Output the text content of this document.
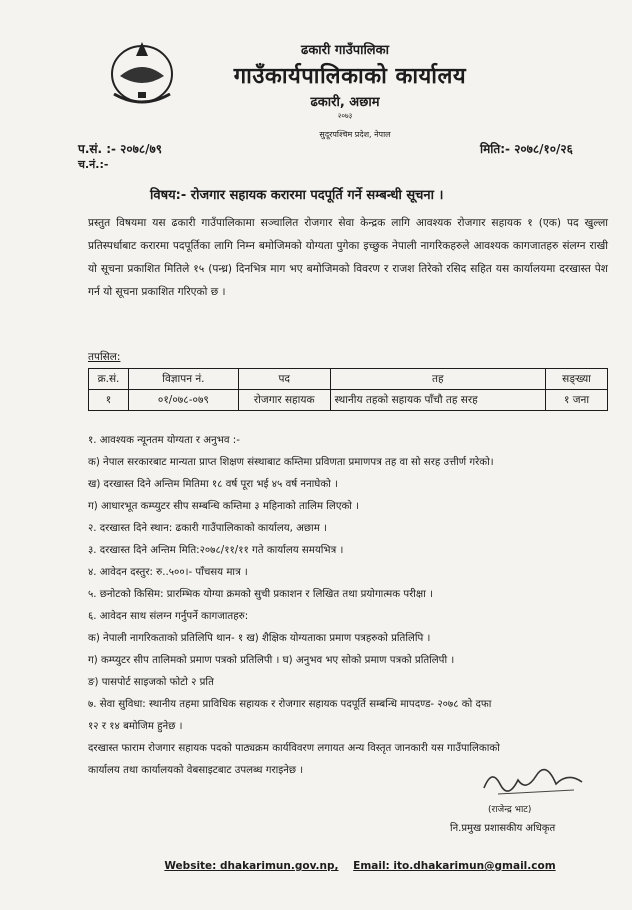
ढकारी गाउँपालिका
गाउँकार्यपालिकाको कार्यालय
ढकारी, अछाम
२०७३
सुदूरपश्चिम प्रदेश, नेपाल
प.सं. :- २०७८/७९
च.नं.:-
मिति:- २०७८/१०/२६
विषय:- रोजगार सहायक करारमा पदपूर्ति गर्ने सम्बन्धी सूचना ।
प्रस्तुत विषयमा यस ढकारी गाउँपालिकामा सञ्चालित रोजगार सेवा केन्द्रक लागि आवश्यक रोजगार सहायक १ (एक) पद खुल्ला प्रतिस्पर्धाबाट करारमा पदपूर्तिका लागि निम्न बमोजिमको योग्यता पुगेका इच्छुक नेपाली नागरिकहरुले आवश्यक कागजातहरु संलग्न राखी यो सूचना प्रकाशित मितिले १५ (पन्ध्र) दिनभित्र माग भए बमोजिमको विवरण र राजश तिरेको रसिद सहित यस कार्यालयमा दरखास्त पेश गर्न यो सूचना प्रकाशित गरिएको छ ।
तपसिल:
क्र.सं.	विज्ञापन नं.	पद	तह	सङ्ख्या
१	०१/०७८-०७९	रोजगार सहायक	स्थानीय तहको सहायक पाँचौ तह सरह	१ जना
१. आवश्यक न्यूनतम योग्यता र अनुभव :-
क) नेपाल सरकारबाट मान्यता प्राप्त शिक्षण संस्थाबाट कम्तिमा प्रविणता प्रमाणपत्र तह वा सो सरह उत्तीर्ण गरेको।
ख) दरखास्त दिने अन्तिम मितिमा १८ वर्ष पूरा भई ४५ वर्ष ननाघेको ।
ग) आधारभूत कम्प्युटर सीप सम्बन्धि कम्तिमा ३ महिनाको तालिम लिएको ।
२. दरखास्त दिने स्थान: ढकारी गाउँपालिकाको कार्यालय, अछाम ।
३. दरखास्त दिने अन्तिम मिति:२०७८/११/११ गते कार्यालय समयभित्र ।
४. आवेदन दस्तुर: रु..५००।- पाँचसय मात्र ।
५. छनोटको किसिम: प्रारम्भिक योग्या क्रमको सुची प्रकाशन र लिखित तथा प्रयोगात्मक परीक्षा ।
६. आवेदन साथ संलग्न गर्नुपर्ने कागजातहरु:
क) नेपाली नागरिकताको प्रतिलिपि थान- १ ख) शैक्षिक योग्यताका प्रमाण पत्रहरुको प्रतिलिपि ।
ग) कम्प्युटर सीप तालिमको प्रमाण पत्रको प्रतिलिपी । घ) अनुभव भए सोको प्रमाण पत्रको प्रतिलिपी ।
ङ) पासपोर्ट साइजको फोटो २ प्रति
७. सेवा सुविधा: स्थानीय तहमा प्राविधिक सहायक र रोजगार सहायक पदपूर्ति सम्बन्धि मापदण्ड- २०७८ को दफा
१२ र १४ बमोजिम हुनेछ ।
दरखास्त फाराम रोजगार सहायक पदको पाठ्यक्रम कार्यविवरण लगायत अन्य विस्तृत जानकारी यस गाउँपालिकाको
कार्यालय तथा कार्यालयको वेबसाइटबाट उपलब्ध गराइनेछ ।
(राजेन्द्र भाट)
नि.प्रमुख प्रशासकीय अधिकृत
Website: dhakarimun.gov.np, Email: ito.dhakarimun@gmail.com
